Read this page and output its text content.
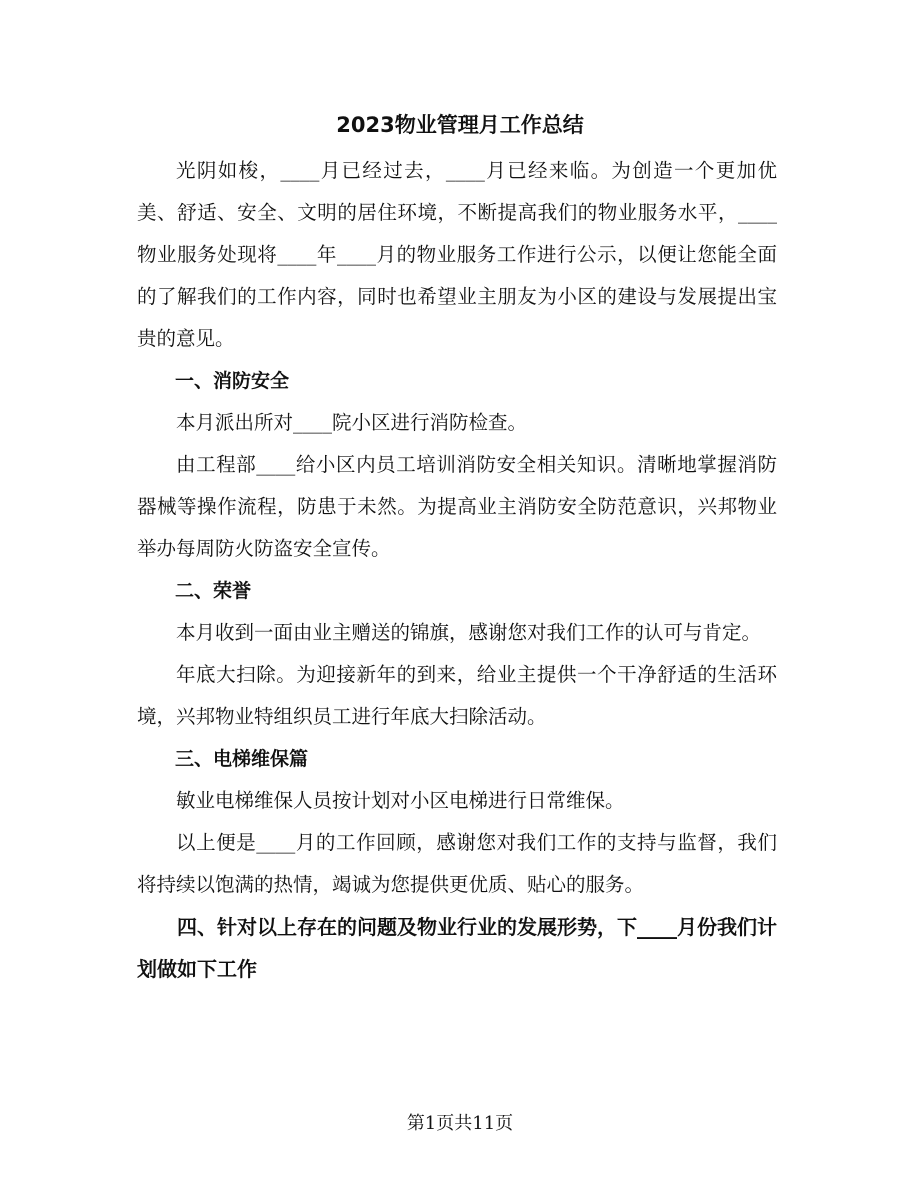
2023物业管理月工作总结

光阴如梭，____月已经过去，____月已经来临。为创造一个更加优美、舒适、安全、文明的居住环境，不断提高我们的物业服务水平，____物业服务处现将____年____月的物业服务工作进行公示，以便让您能全面的了解我们的工作内容，同时也希望业主朋友为小区的建设与发展提出宝贵的意见。

一、消防安全

本月派出所对____院小区进行消防检查。

由工程部____给小区内员工培训消防安全相关知识。清晰地掌握消防器械等操作流程，防患于未然。为提高业主消防安全防范意识，兴邦物业举办每周防火防盗安全宣传。

二、荣誉

本月收到一面由业主赠送的锦旗，感谢您对我们工作的认可与肯定。

年底大扫除。为迎接新年的到来，给业主提供一个干净舒适的生活环境，兴邦物业特组织员工进行年底大扫除活动。

三、电梯维保篇

敏业电梯维保人员按计划对小区电梯进行日常维保。

以上便是____月的工作回顾，感谢您对我们工作的支持与监督，我们将持续以饱满的热情，竭诚为您提供更优质、贴心的服务。

四、针对以上存在的问题及物业行业的发展形势，下____月份我们计划做如下工作

第1页共11页
